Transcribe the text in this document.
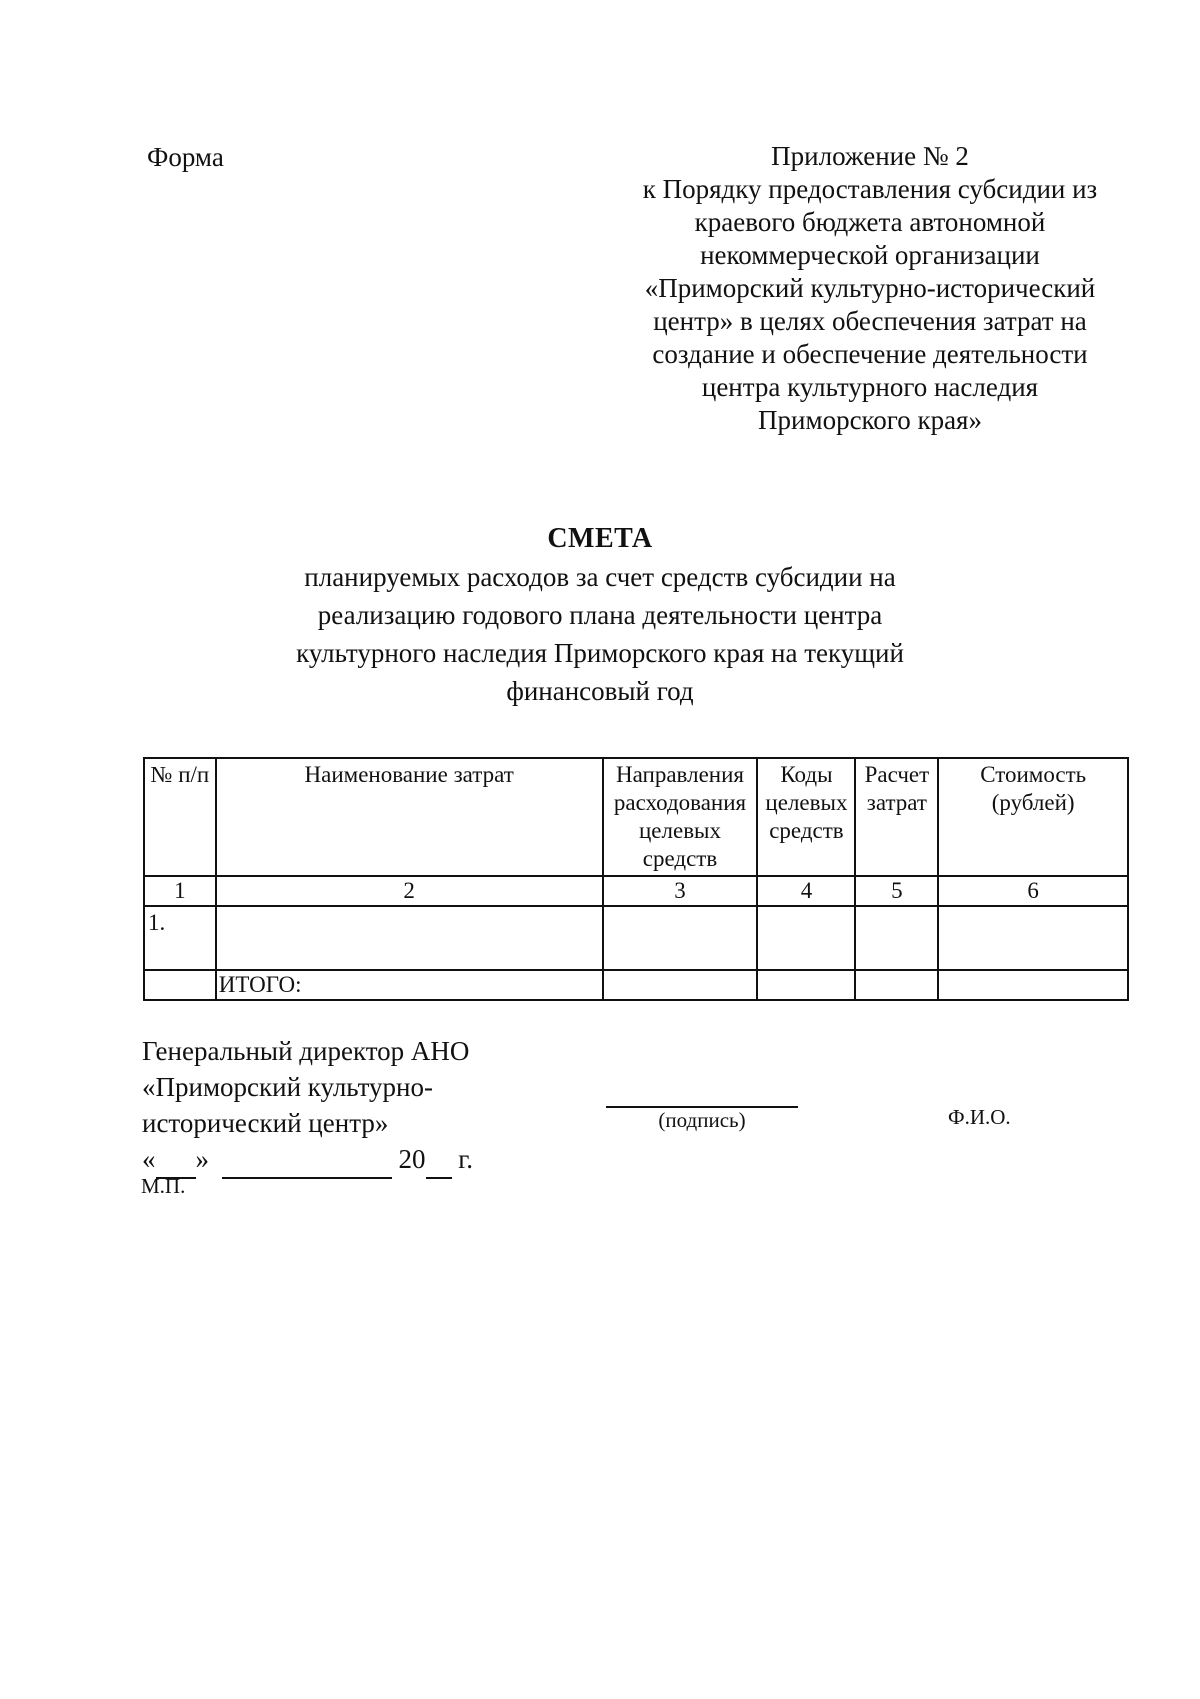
Форма	Приложение № 2
к Порядку предоставления субсидии из
краевого бюджета автономной
некоммерческой организации
«Приморский культурно-исторический
центр» в целях обеспечения затрат на
создание и обеспечение деятельности
центра культурного наследия
Приморского края»
СМЕТА
планируемых расходов за счет средств субсидии на
реализацию годового плана деятельности центра
культурного наследия Приморского края на текущий
финансовый год
№ п/п	Наименование затрат	Направления расходования целевых средств	Коды целевых средств	Расчет затрат	Стоимость (рублей)
1	2	3	4	5	6
1.					
	ИТОГО:				
Генеральный директор АНО
«Приморский культурно-
исторический центр»
« »	20 г.
М.П.
(подпись)	Ф.И.О.
